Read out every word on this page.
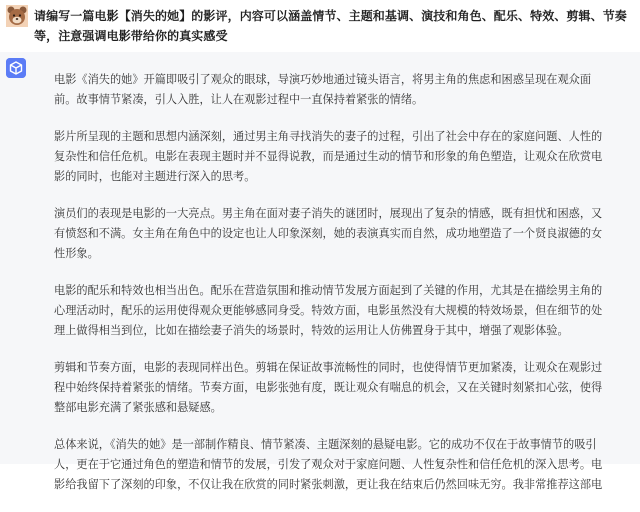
请编写一篇电影【消失的她】的影评，内容可以涵盖情节、主题和基调、演技和角色、配乐、特效、剪辑、节奏等，注意强调电影带给你的真实感受

电影《消失的她》开篇即吸引了观众的眼球，导演巧妙地通过镜头语言，将男主角的焦虑和困惑呈现在观众面前。故事情节紧凑，引人入胜，让人在观影过程中一直保持着紧张的情绪。

影片所呈现的主题和思想内涵深刻，通过男主角寻找消失的妻子的过程，引出了社会中存在的家庭问题、人性的复杂性和信任危机。电影在表现主题时并不显得说教，而是通过生动的情节和形象的角色塑造，让观众在欣赏电影的同时，也能对主题进行深入的思考。

演员们的表现是电影的一大亮点。男主角在面对妻子消失的谜团时，展现出了复杂的情感，既有担忧和困惑，又有愤怒和不满。女主角在角色中的设定也让人印象深刻，她的表演真实而自然，成功地塑造了一个贤良淑德的女性形象。

电影的配乐和特效也相当出色。配乐在营造氛围和推动情节发展方面起到了关键的作用，尤其是在描绘男主角的心理活动时，配乐的运用使得观众更能够感同身受。特效方面，电影虽然没有大规模的特效场景，但在细节的处理上做得相当到位，比如在描绘妻子消失的场景时，特效的运用让人仿佛置身于其中，增强了观影体验。

剪辑和节奏方面，电影的表现同样出色。剪辑在保证故事流畅性的同时，也使得情节更加紧凑，让观众在观影过程中始终保持着紧张的情绪。节奏方面，电影张弛有度，既让观众有喘息的机会，又在关键时刻紧扣心弦，使得整部电影充满了紧张感和悬疑感。

总体来说，《消失的她》是一部制作精良、情节紧凑、主题深刻的悬疑电影。它的成功不仅在于故事情节的吸引人，更在于它通过角色的塑造和情节的发展，引发了观众对于家庭问题、人性复杂性和信任危机的深入思考。电影给我留下了深刻的印象，不仅让我在欣赏的同时紧张刺激，更让我在结束后仍然回味无穷。我非常推荐这部电
